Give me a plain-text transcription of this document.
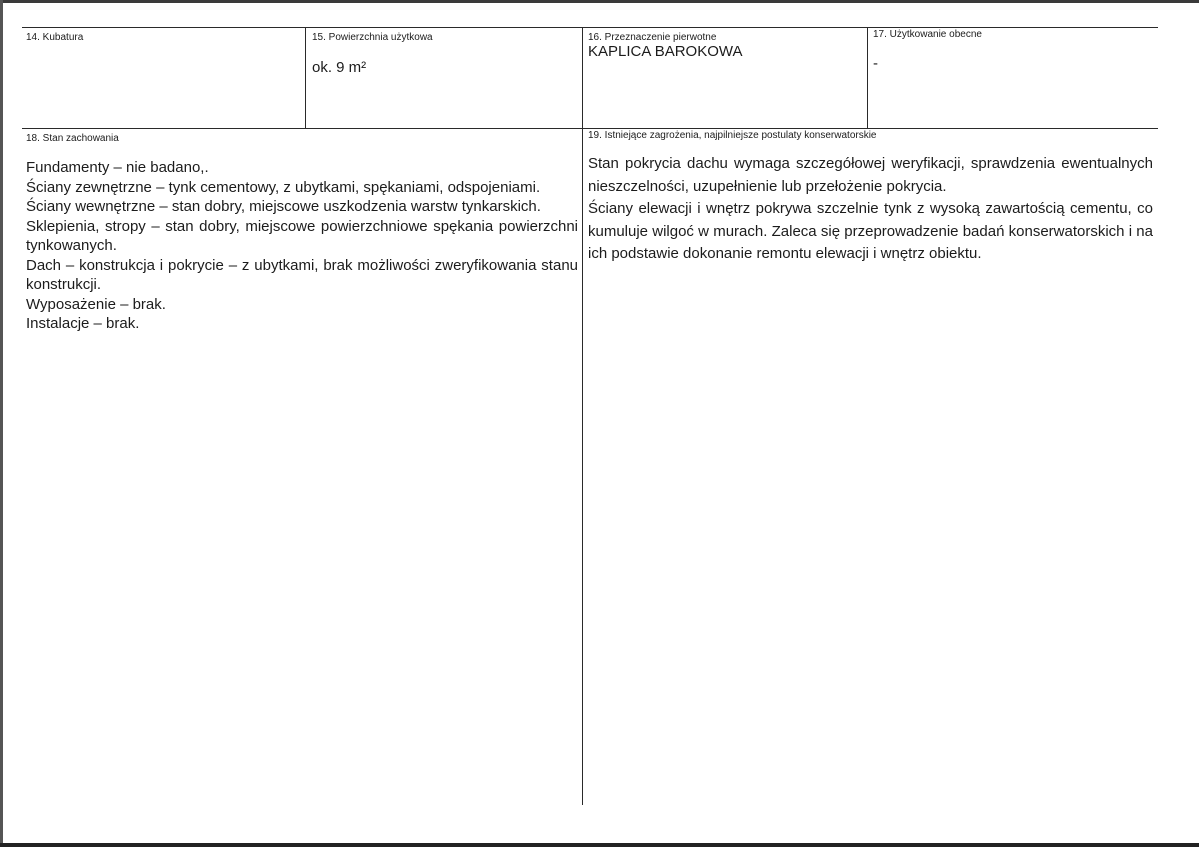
14. Kubatura	15. Powierzchnia użytkowa
ok. 9 m²
16. Przeznaczenie pierwotne
KAPLICA BAROKOWA
17. Użytkowanie obecne
-
18. Stan zachowania

Fundamenty – nie badano,.

Ściany zewnętrzne – tynk cementowy, z ubytkami, spękaniami, odspojeniami.

Ściany wewnętrzne – stan dobry, miejscowe uszkodzenia warstw tynkarskich.

Sklepienia, stropy – stan dobry, miejscowe powierzchniowe spękania powierzchni tynkowanych.

Dach – konstrukcja i pokrycie – z ubytkami, brak możliwości zweryfikowania stanu konstrukcji.

Wyposażenie – brak.

Instalacje – brak.

19. Istniejące zagrożenia, najpilniejsze postulaty konserwatorskie

Stan pokrycia dachu wymaga szczegółowej weryfikacji, sprawdzenia ewentualnych nieszczelności, uzupełnienie lub przełożenie pokrycia.

Ściany elewacji i wnętrz pokrywa szczelnie tynk z wysoką zawartością cementu, co kumuluje wilgoć w murach. Zaleca się przeprowadzenie badań konserwatorskich i na ich podstawie dokonanie remontu elewacji i wnętrz obiektu.
